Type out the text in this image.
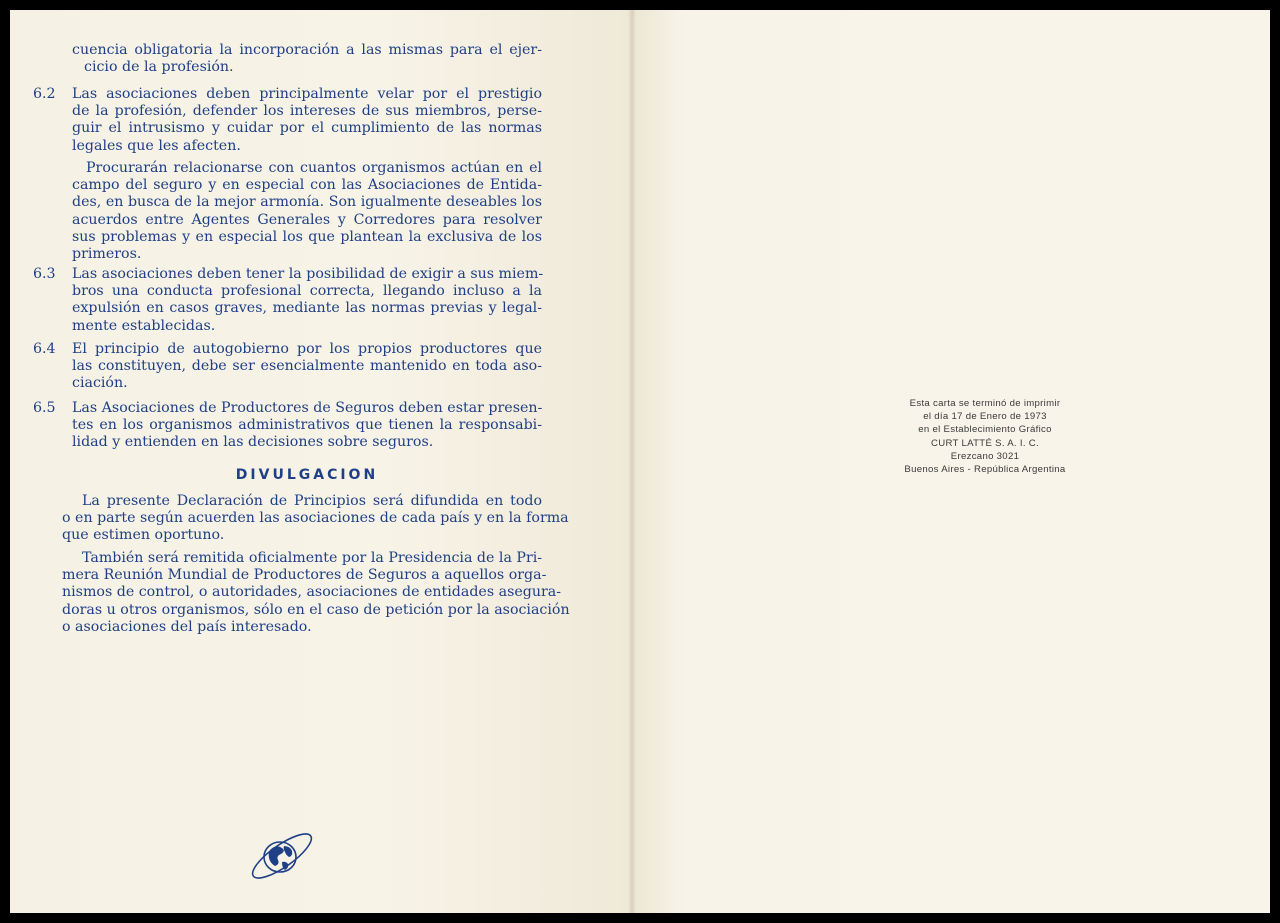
cuencia obligatoria la incorporación a las mismas para el ejer-
cicio de la profesión.
6.2	Las asociaciones deben principalmente velar por el prestigio
de la profesión, defender los intereses de sus miembros, perse-
guir el intrusismo y cuidar por el cumplimiento de las normas
legales que les afecten.
Procurarán relacionarse con cuantos organismos actúan en el
campo del seguro y en especial con las Asociaciones de Entida-
des, en busca de la mejor armonía. Son igualmente deseables los
acuerdos entre Agentes Generales y Corredores para resolver
sus problemas y en especial los que plantean la exclusiva de los
primeros.
6.3	Las asociaciones deben tener la posibilidad de exigir a sus miem-
bros una conducta profesional correcta, llegando incluso a la
expulsión en casos graves, mediante las normas previas y legal-
mente establecidas.
6.4	El principio de autogobierno por los propios productores que
las constituyen, debe ser esencialmente mantenido en toda aso-
ciación.
6.5	Las Asociaciones de Productores de Seguros deben estar presen-
tes en los organismos administrativos que tienen la responsabi-
lidad y entienden en las decisiones sobre seguros.
DIVULGACION
La presente Declaración de Principios será difundida en todo
o en parte según acuerden las asociaciones de cada país y en la forma
que estimen oportuno.
También será remitida oficialmente por la Presidencia de la Pri-
mera Reunión Mundial de Productores de Seguros a aquellos orga-
nismos de control, o autoridades, asociaciones de entidades asegura-
doras u otros organismos, sólo en el caso de petición por la asociación
o asociaciones del país interesado.
Esta carta se terminó de imprimir
el día 17 de Enero de 1973
en el Establecimiento Gráfico
CURT LATTÉ S. A. I. C.
Erezcano 3021
Buenos Aires - República Argentina
